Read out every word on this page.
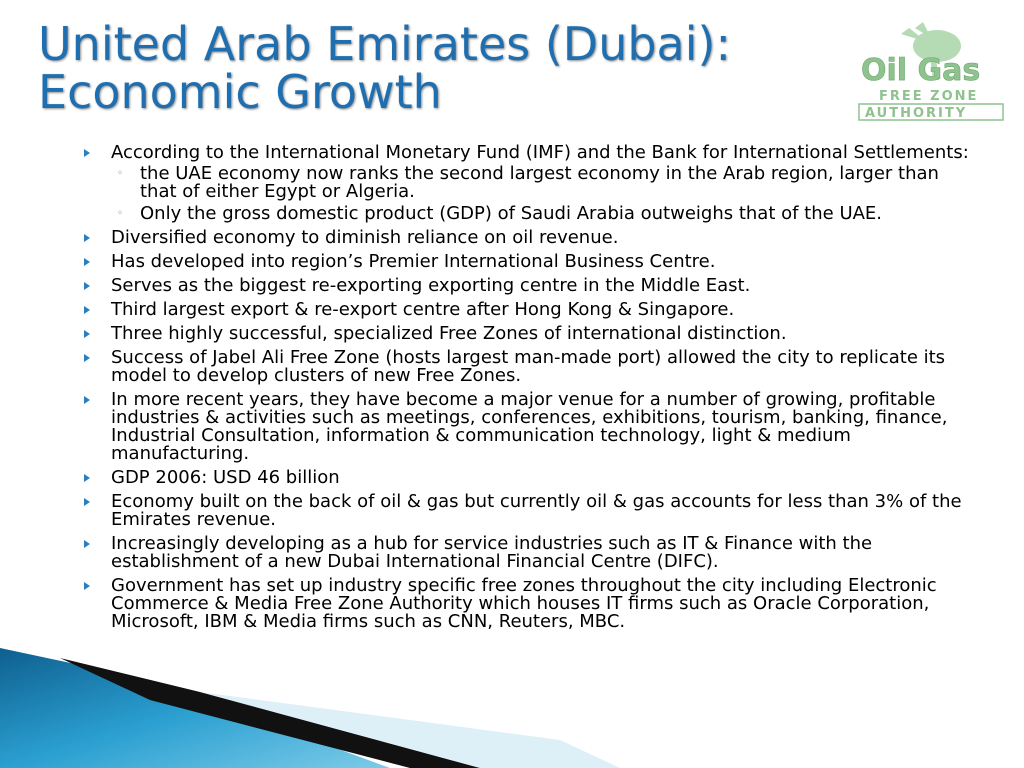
United Arab Emirates (Dubai):
Economic Growth	Oil Gas
FREE ZONE
AUTHORITY
According to the International Monetary Fund (IMF) and the Bank for International Settlements:
◦ the UAE economy now ranks the second largest economy in the Arab region, larger than that of either Egypt or Algeria.
◦ Only the gross domestic product (GDP) of Saudi Arabia outweighs that of the UAE.
Diversified economy to diminish reliance on oil revenue.
Has developed into region’s Premier International Business Centre.
Serves as the biggest re-exporting exporting centre in the Middle East.
Third largest export & re-export centre after Hong Kong & Singapore.
Three highly successful, specialized Free Zones of international distinction.
Success of Jabel Ali Free Zone (hosts largest man-made port) allowed the city to replicate its model to develop clusters of new Free Zones.
In more recent years, they have become a major venue for a number of growing, profitable industries & activities such as meetings, conferences, exhibitions, tourism, banking, finance, Industrial Consultation, information & communication technology, light & medium manufacturing.
GDP 2006: USD 46 billion
Economy built on the back of oil & gas but currently oil & gas accounts for less than 3% of the Emirates revenue.
Increasingly developing as a hub for service industries such as IT & Finance with the establishment of a new Dubai International Financial Centre (DIFC).
Government has set up industry specific free zones throughout the city including Electronic Commerce & Media Free Zone Authority which houses IT firms such as Oracle Corporation, Microsoft, IBM & Media firms such as CNN, Reuters, MBC.
